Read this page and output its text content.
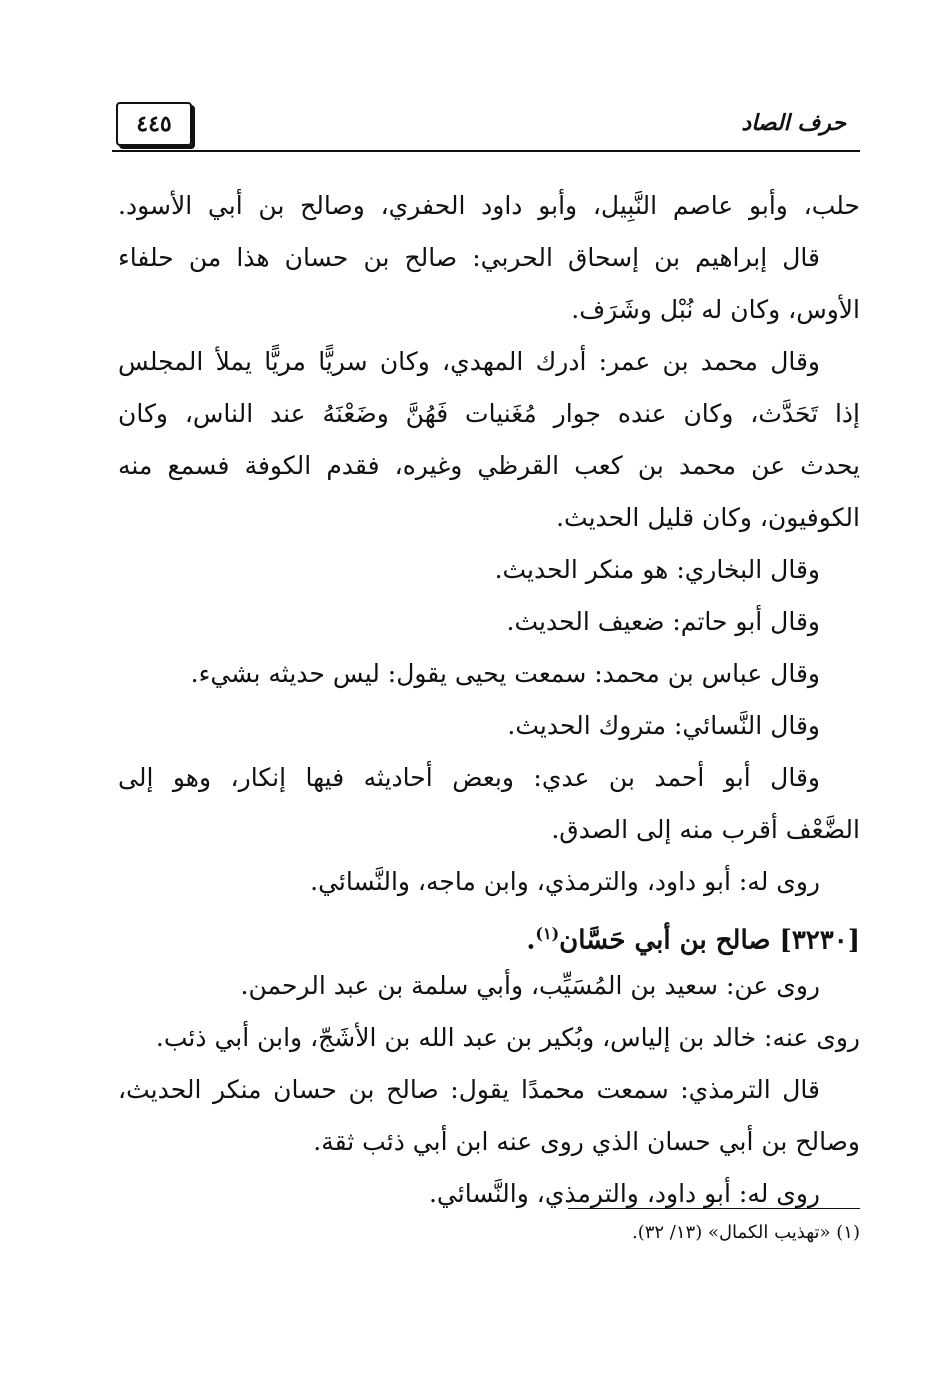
٤٤٥	حرف الصاد
حلب، وأبو عاصم النَّبِيل، وأبو داود الحفري، وصالح بن أبي الأسود.
قال إبراهيم بن إسحاق الحربي: صالح بن حسان هذا من حلفاء
الأوس، وكان له نُبْل وشَرَف.
وقال محمد بن عمر: أدرك المهدي، وكان سريًّا مريًّا يملأ المجلس
إذا تَحَدَّث، وكان عنده جوار مُغَنيات فَهُنَّ وضَعْنَهُ عند الناس، وكان
يحدث عن محمد بن كعب القرظي وغيره، فقدم الكوفة فسمع منه
الكوفيون، وكان قليل الحديث.
وقال البخاري: هو منكر الحديث.
وقال أبو حاتم: ضعيف الحديث.
وقال عباس بن محمد: سمعت يحيى يقول: ليس حديثه بشيء.
وقال النَّسائي: متروك الحديث.
وقال أبو أحمد بن عدي: وبعض أحاديثه فيها إنكار، وهو إلى
الضَّعْف أقرب منه إلى الصدق.
روى له: أبو داود، والترمذي، وابن ماجه، والنَّسائي.
[٣٢٣٠] صالح بن أبي حَسَّان$^{(١)}$.
روى عن: سعيد بن المُسَيِّب، وأبي سلمة بن عبد الرحمن.
روى عنه: خالد بن إلياس، وبُكير بن عبد الله بن الأشَجّ، وابن أبي ذئب.
قال الترمذي: سمعت محمدًا يقول: صالح بن حسان منكر الحديث،
وصالح بن أبي حسان الذي روى عنه ابن أبي ذئب ثقة.
روى له: أبو داود، والترمذي، والنَّسائي.
(١) «تهذيب الكمال» (١٣/ ٣٢).
